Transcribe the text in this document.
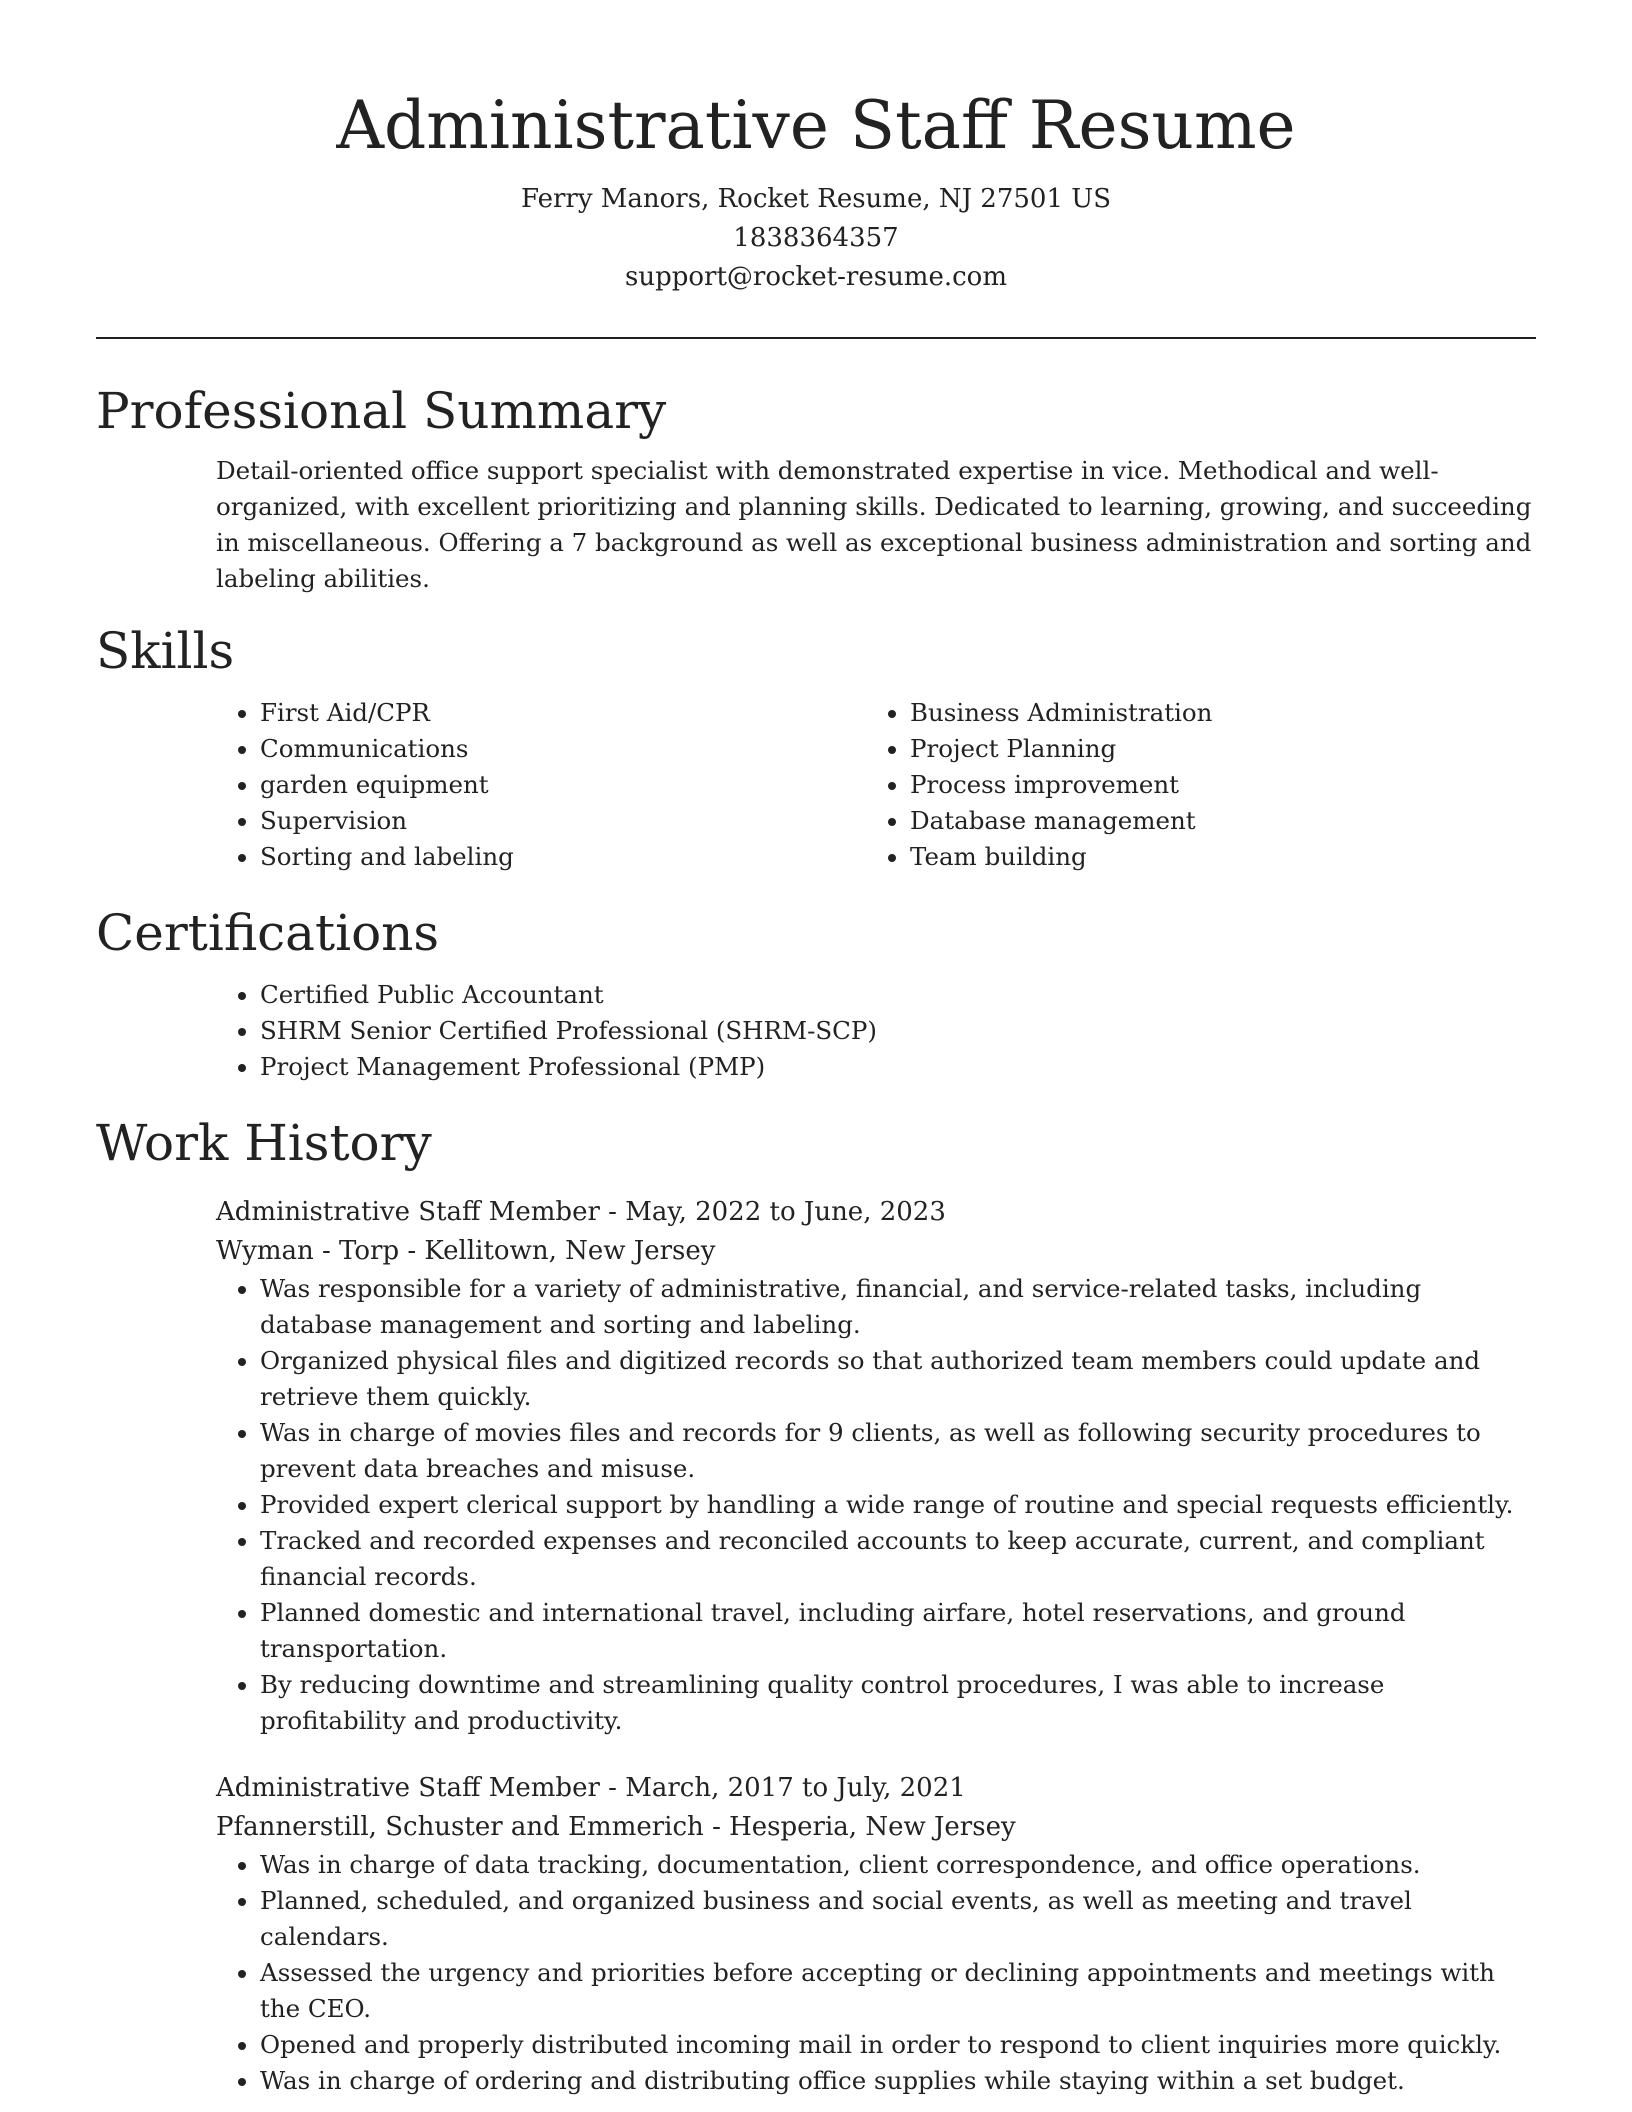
Administrative Staff Resume
Ferry Manors, Rocket Resume, NJ 27501 US
1838364357
support@rocket-resume.com
Professional Summary

Detail-oriented office support specialist with demonstrated expertise in vice. Methodical and well-organized, with excellent prioritizing and planning skills. Dedicated to learning, growing, and succeeding in miscellaneous. Offering a 7 background as well as exceptional business administration and sorting and labeling abilities.

Skills
• First Aid/CPR
• Communications
• garden equipment
• Supervision
• Sorting and labeling
• Business Administration
• Project Planning
• Process improvement
• Database management
• Team building
Certifications
• Certified Public Accountant
• SHRM Senior Certified Professional (SHRM-SCP)
• Project Management Professional (PMP)
Work History
Administrative Staff Member - May, 2022 to June, 2023
Wyman - Torp - Kellitown, New Jersey
• Was responsible for a variety of administrative, financial, and service-related tasks, including database management and sorting and labeling.
• Organized physical files and digitized records so that authorized team members could update and retrieve them quickly.
• Was in charge of movies files and records for 9 clients, as well as following security procedures to prevent data breaches and misuse.
• Provided expert clerical support by handling a wide range of routine and special requests efficiently.
• Tracked and recorded expenses and reconciled accounts to keep accurate, current, and compliant financial records.
• Planned domestic and international travel, including airfare, hotel reservations, and ground transportation.
• By reducing downtime and streamlining quality control procedures, I was able to increase profitability and productivity.
Administrative Staff Member - March, 2017 to July, 2021
Pfannerstill, Schuster and Emmerich - Hesperia, New Jersey
• Was in charge of data tracking, documentation, client correspondence, and office operations.
• Planned, scheduled, and organized business and social events, as well as meeting and travel calendars.
• Assessed the urgency and priorities before accepting or declining appointments and meetings with the CEO.
• Opened and properly distributed incoming mail in order to respond to client inquiries more quickly.
• Was in charge of ordering and distributing office supplies while staying within a set budget.
